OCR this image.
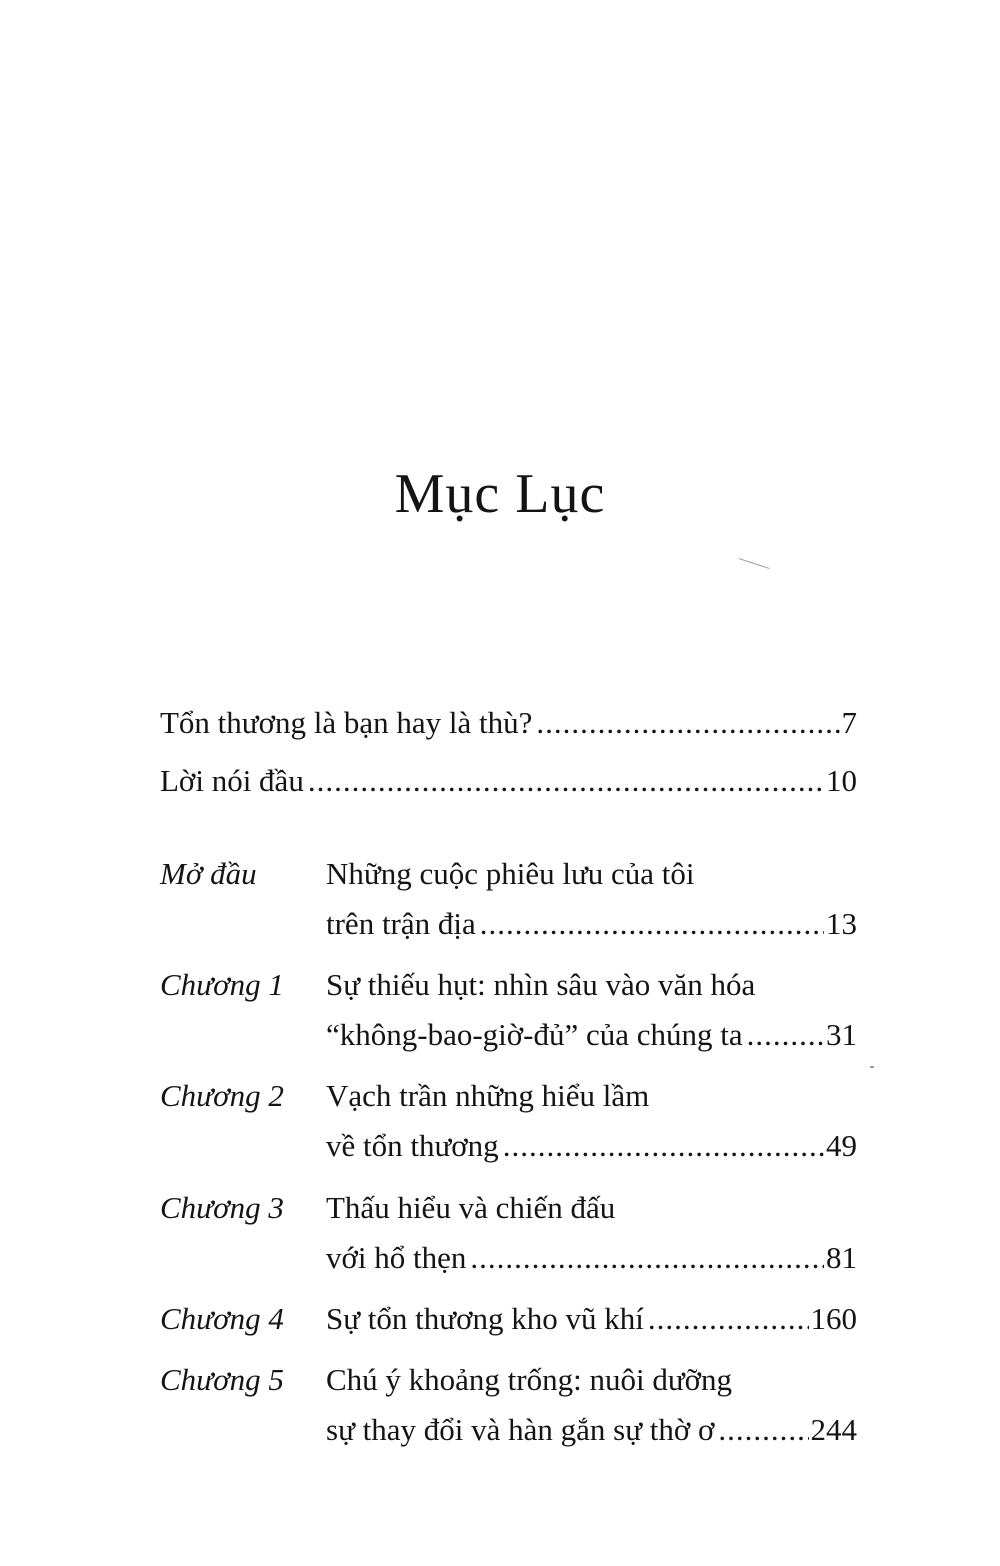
Mục Lục
Tổn thương là bạn hay là thù? .....	7
Lời nói đầu .....	10
Mở đầu Những cuộc phiêu lưu của tôi
trên trận địa .....	13
Chương 1 Sự thiếu hụt: nhìn sâu vào văn hóa
“không-bao-giờ-đủ” của chúng ta .....	31
Chương 2 Vạch trần những hiểu lầm
về tổn thương .....	49
Chương 3 Thấu hiểu và chiến đấu
với hổ thẹn .....	81
Chương 4 Sự tổn thương kho vũ khí .....	160
Chương 5 Chú ý khoảng trống: nuôi dưỡng
sự thay đổi và hàn gắn sự thờ ơ .....	244
